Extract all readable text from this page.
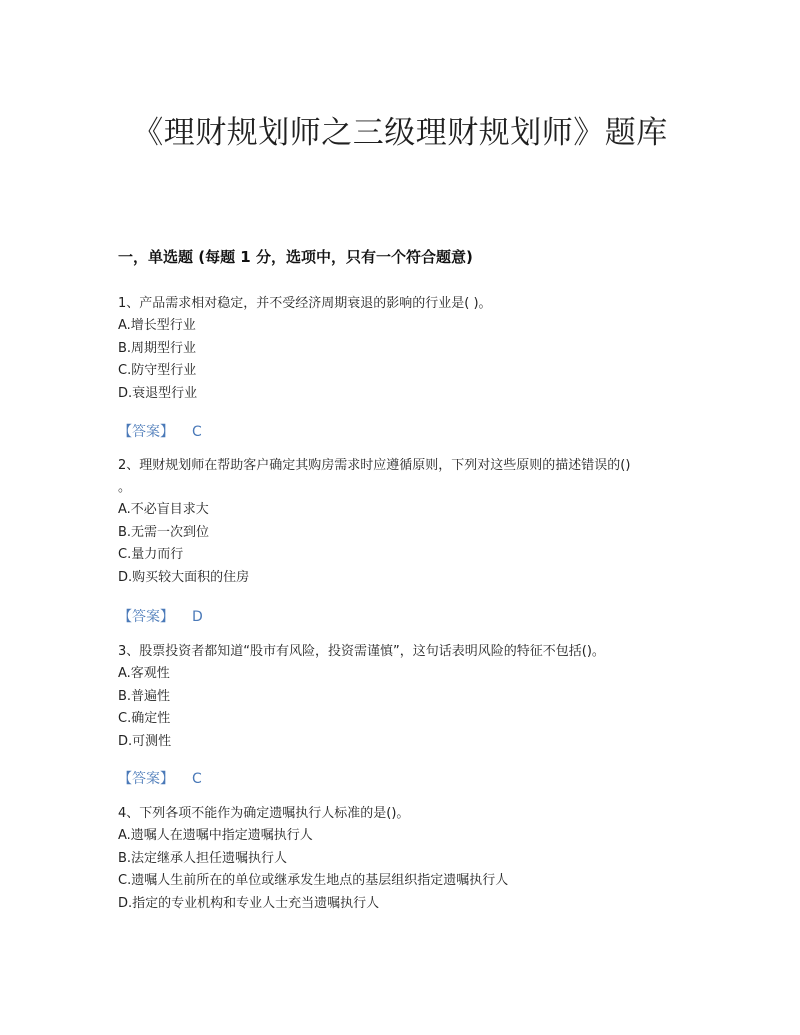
《理财规划师之三级理财规划师》题库
一，单选题 (每题 1 分，选项中，只有一个符合题意)

1、产品需求相对稳定，并不受经济周期衰退的影响的行业是( )。

A.增长型行业

B.周期型行业

C.防守型行业

D.衰退型行业

【答案】 C

2、理财规划师在帮助客户确定其购房需求时应遵循原则，下列对这些原则的描述错误的()
。

A.不必盲目求大

B.无需一次到位

C.量力而行

D.购买较大面积的住房

【答案】 D

3、股票投资者都知道“股市有风险，投资需谨慎”，这句话表明风险的特征不包括()。

A.客观性

B.普遍性

C.确定性

D.可测性

【答案】 C

4、下列各项不能作为确定遗嘱执行人标准的是()。

A.遗嘱人在遗嘱中指定遗嘱执行人

B.法定继承人担任遗嘱执行人

C.遗嘱人生前所在的单位或继承发生地点的基层组织指定遗嘱执行人

D.指定的专业机构和专业人士充当遗嘱执行人
